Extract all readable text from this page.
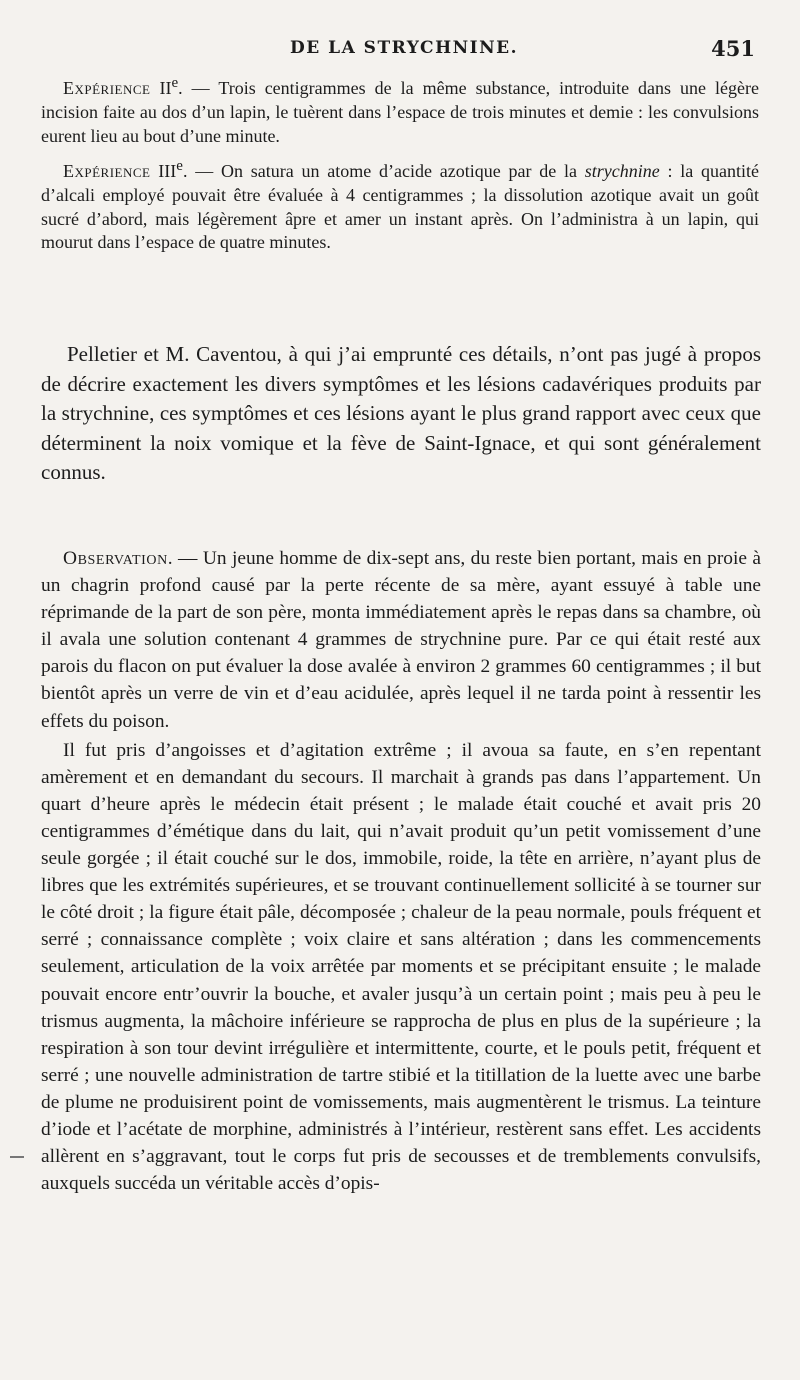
DE LA STRYCHNINE.	451

Expérience IIe. — Trois centigrammes de la même substance, introduite dans une légère incision faite au dos d’un lapin, le tuèrent dans l’espace de trois minutes et demie : les convulsions eurent lieu au bout d’une minute.

Expérience IIIe. — On satura un atome d’acide azotique par de la strychnine : la quantité d’alcali employé pouvait être évaluée à 4 centigrammes ; la dissolution azotique avait un goût sucré d’abord, mais légèrement âpre et amer un instant après. On l’administra à un lapin, qui mourut dans l’espace de quatre minutes.

Pelletier et M. Caventou, à qui j’ai emprunté ces détails, n’ont pas jugé à propos de décrire exactement les divers symptômes et les lésions cadavériques produits par la strychnine, ces symptômes et ces lésions ayant le plus grand rapport avec ceux que déterminent la noix vomique et la fève de Saint-Ignace, et qui sont généralement connus.

Observation. — Un jeune homme de dix-sept ans, du reste bien portant, mais en proie à un chagrin profond causé par la perte récente de sa mère, ayant essuyé à table une réprimande de la part de son père, monta immédiatement après le repas dans sa chambre, où il avala une solution contenant 4 grammes de strychnine pure. Par ce qui était resté aux parois du flacon on put évaluer la dose avalée à environ 2 grammes 60 centigrammes ; il but bientôt après un verre de vin et d’eau acidulée, après lequel il ne tarda point à ressentir les effets du poison.

Il fut pris d’angoisses et d’agitation extrême ; il avoua sa faute, en s’en repentant amèrement et en demandant du secours. Il marchait à grands pas dans l’appartement. Un quart d’heure après le médecin était présent ; le malade était couché et avait pris 20 centigrammes d’émétique dans du lait, qui n’avait produit qu’un petit vomissement d’une seule gorgée ; il était couché sur le dos, immobile, roide, la tête en arrière, n’ayant plus de libres que les extrémités supérieures, et se trouvant continuellement sollicité à se tourner sur le côté droit ; la figure était pâle, décomposée ; chaleur de la peau normale, pouls fréquent et serré ; connaissance complète ; voix claire et sans altération ; dans les commencements seulement, articulation de la voix arrêtée par moments et se précipitant ensuite ; le malade pouvait encore entr’ouvrir la bouche, et avaler jusqu’à un certain point ; mais peu à peu le trismus augmenta, la mâchoire inférieure se rapprocha de plus en plus de la supérieure ; la respiration à son tour devint irrégulière et intermittente, courte, et le pouls petit, fréquent et serré ; une nouvelle administration de tartre stibié et la titillation de la luette avec une barbe de plume ne produisirent point de vomissements, mais augmentèrent le trismus. La teinture d’iode et l’acétate de morphine, administrés à l’intérieur, restèrent sans effet. Les accidents allèrent en s’aggravant, tout le corps fut pris de secousses et de tremblements convulsifs, auxquels succéda un véritable accès d’opis-
